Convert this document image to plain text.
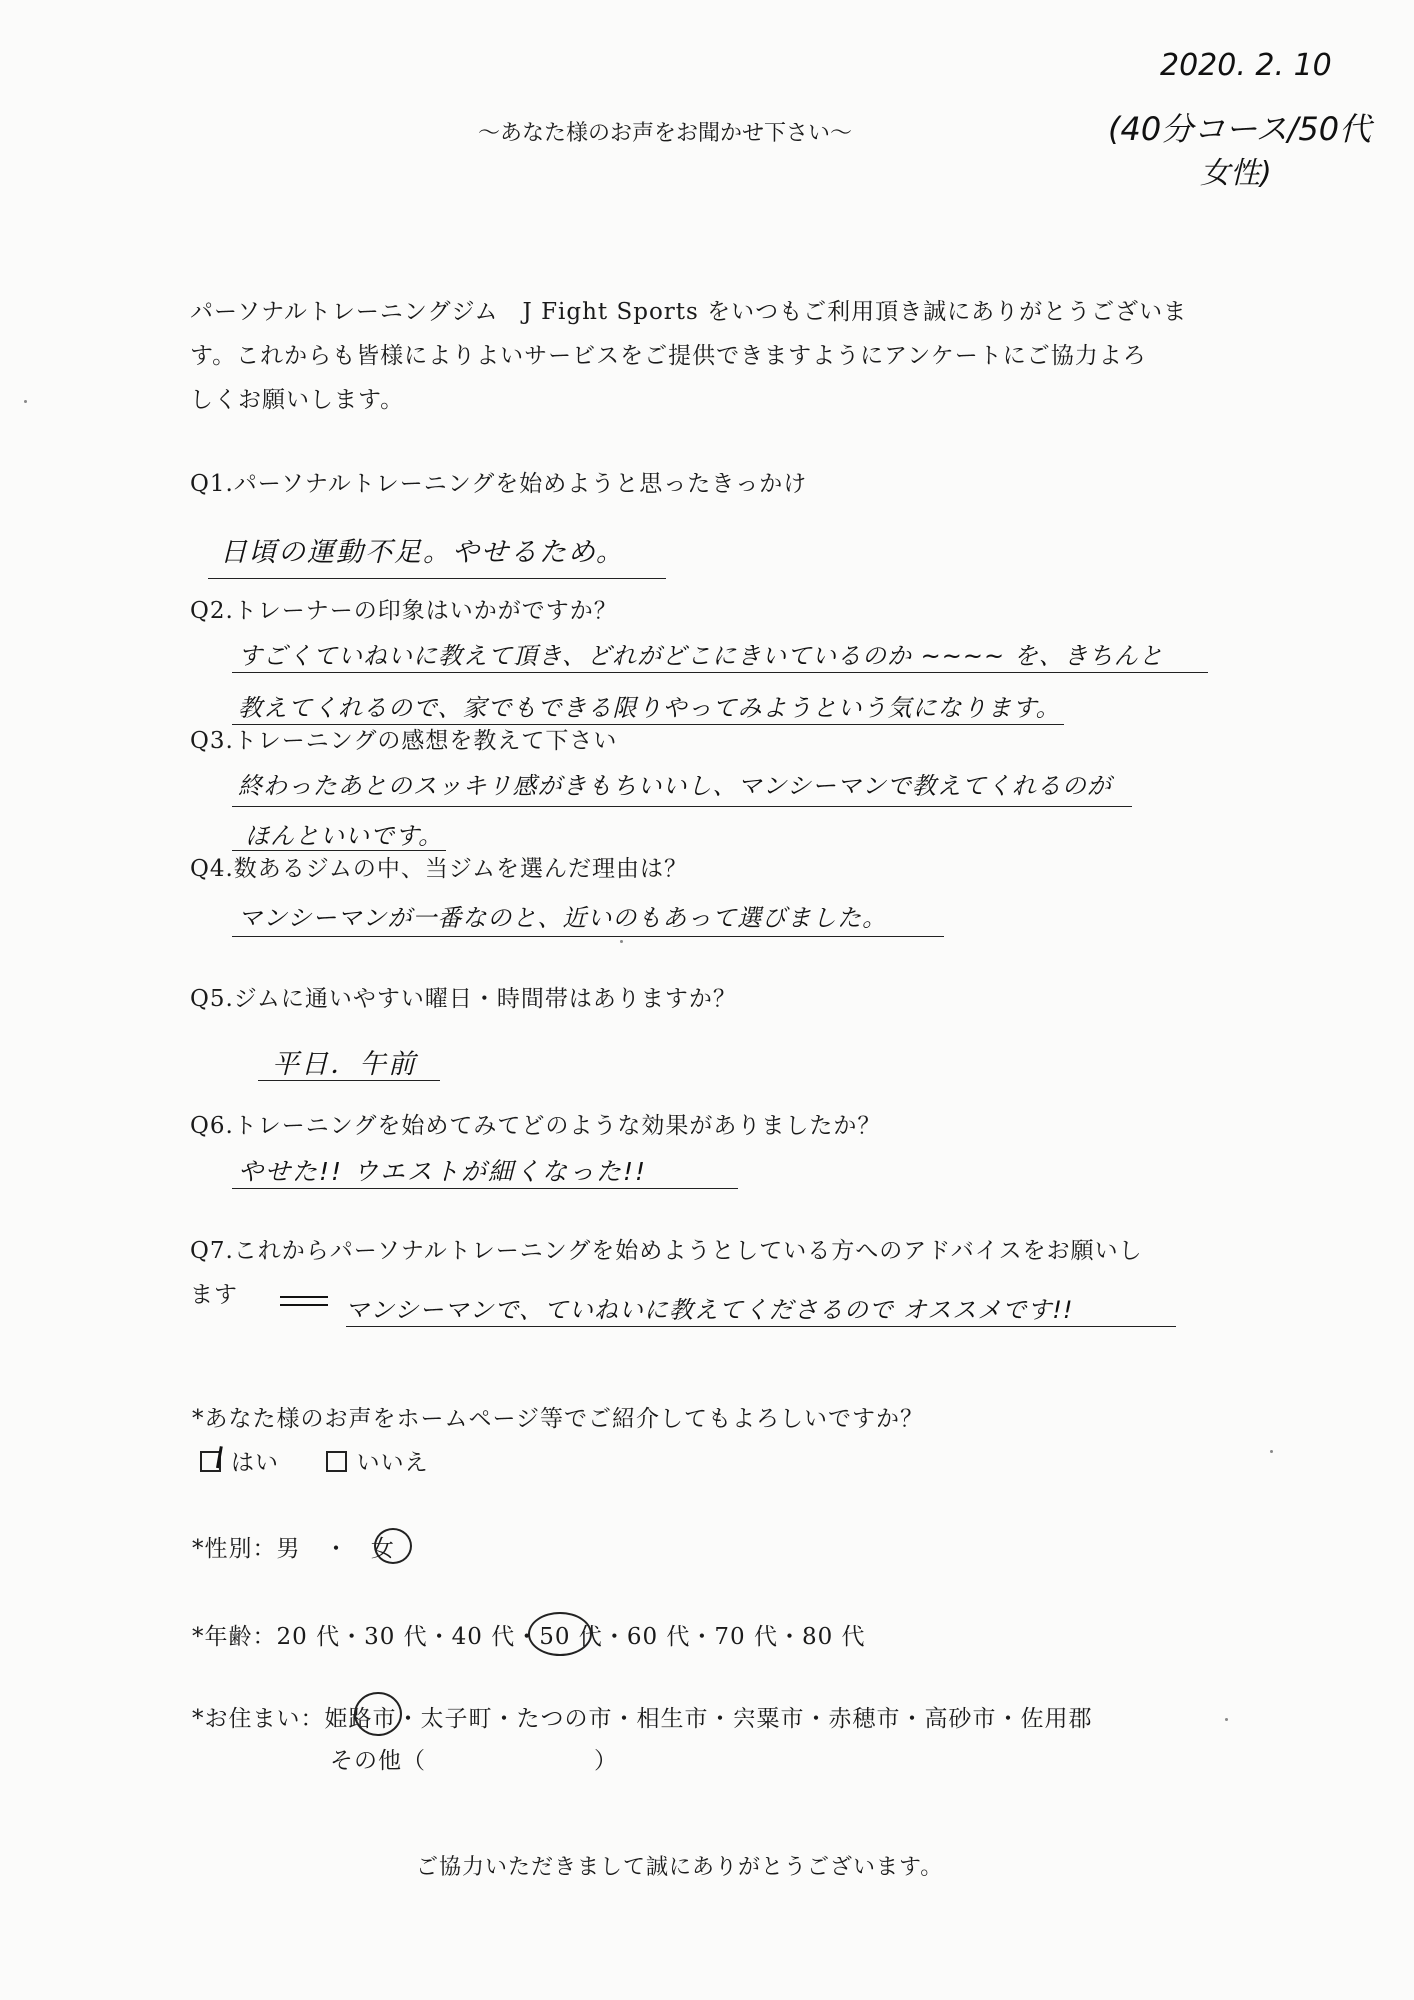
2020. 2. 10
(40分コース/50代
女性)
〜あなた様のお声をお聞かせ下さい〜
パーソナルトレーニングジム　J Fight Sports をいつもご利用頂き誠にありがとうございま
す。これからも皆様によりよいサービスをご提供できますようにアンケートにご協力よろ
しくお願いします。
Q1.パーソナルトレーニングを始めようと思ったきっかけ
日頃の運動不足。やせるため。
Q2.トレーナーの印象はいかがですか？
すごくていねいに教えて頂き、どれがどこにきいているのか ~~~~ を、きちんと
教えてくれるので、家でもできる限りやってみようという気になります。
Q3.トレーニングの感想を教えて下さい
終わったあとのスッキリ感がきもちいいし、マンシーマンで教えてくれるのが
ほんといいです。
Q4.数あるジムの中、当ジムを選んだ理由は？
マンシーマンが一番なのと、近いのもあって選びました。
Q5.ジムに通いやすい曜日・時間帯はありますか？
平日．午前
Q6.トレーニングを始めてみてどのような効果がありましたか？
やせた!! ウエストが細くなった!!
Q7.これからパーソナルトレーニングを始めようとしている方へのアドバイスをお願いし
ます
マンシーマンで、ていねいに教えてくださるので オススメです!!
*あなた様のお声をホームページ等でご紹介してもよろしいですか？
はい	いいえ
*性別：男　・ 女
*年齢：20 代・30 代・40 代・50 代・60 代・70 代・80 代
*お住まい：姫路市・太子町・たつの市・相生市・宍粟市・赤穂市・高砂市・佐用郡
その他（　　　　　　　）
ご協力いただきまして誠にありがとうございます。
